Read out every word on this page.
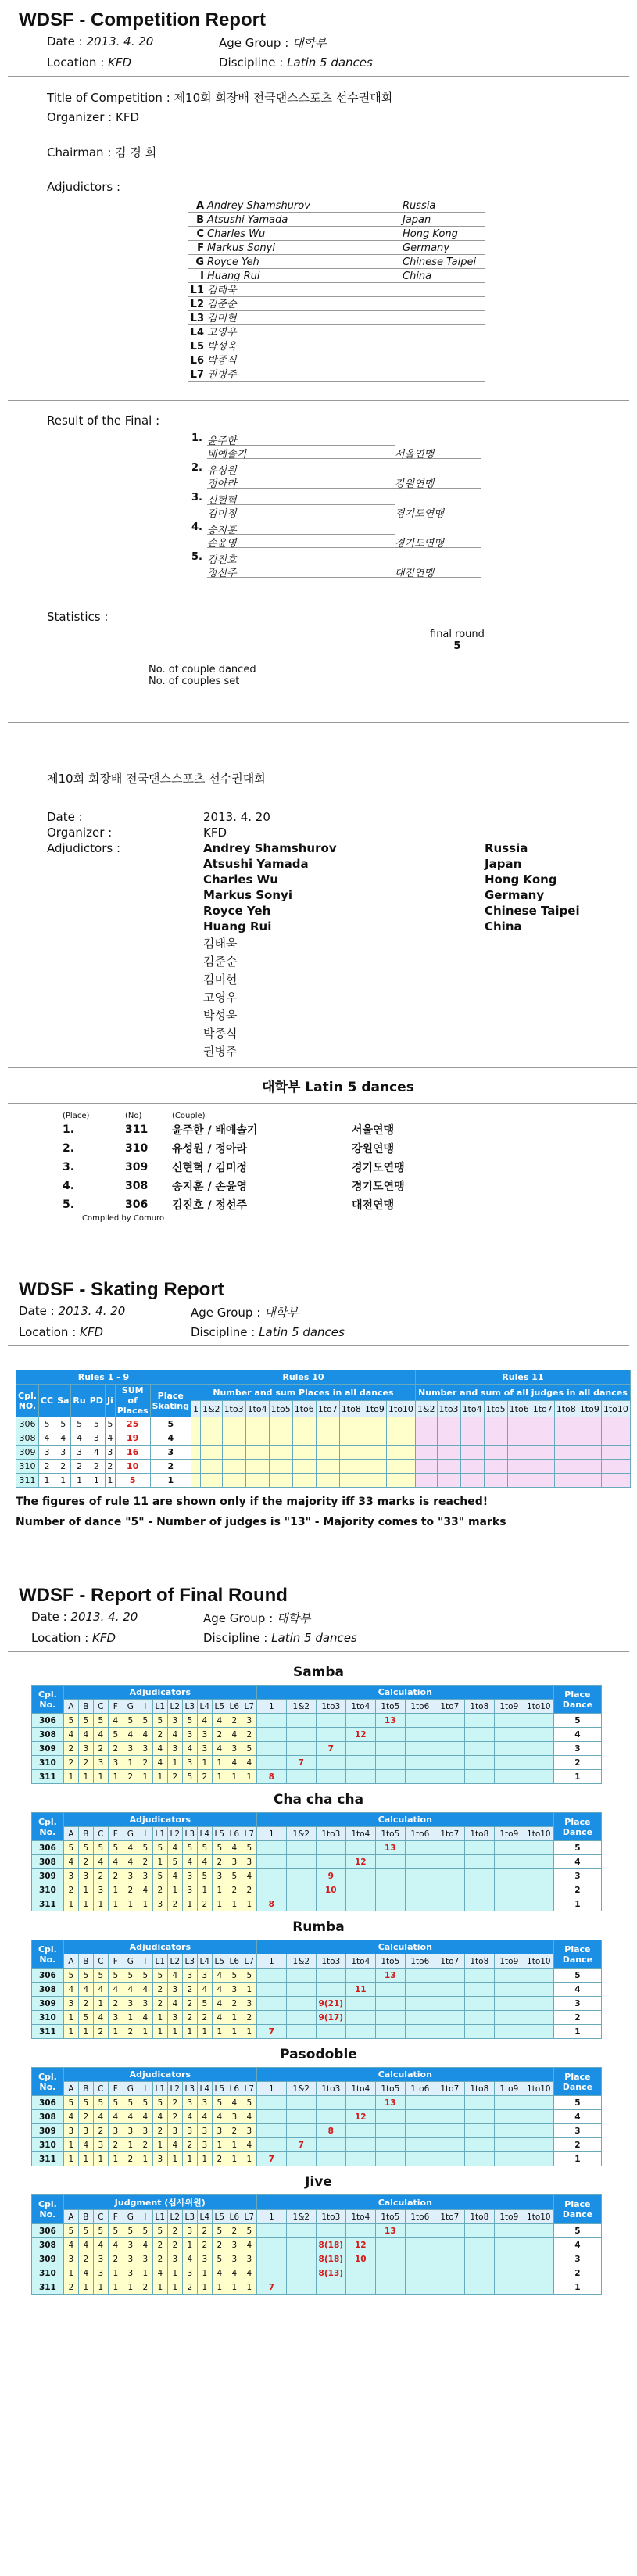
WDSF - Competition Report
Date : 2013. 4. 20	Age Group : 대학부
Location : KFD	Discipline : Latin 5 dances
Title of Competition : 제10회 회장배 전국댄스스포츠 선수권대회
Organizer : KFD
Chairman : 김 경 희
Adjudictors :
A Andrey Shamshurov	Russia
B Atsushi Yamada	Japan
C Charles Wu	Hong Kong
F Markus Sonyi	Germany
G Royce Yeh	Chinese Taipei
I Huang Rui	China
L1 김태욱
L2 김준순
L3 김미현
L4 고영우
L5 박성욱
L6 박종식
L7 권병주
Result of the Final :
1. 윤주한
배예솔기	서울연맹
2. 유성원
정아라	강원연맹
3. 신현혁
김미정	경기도연맹
4. 송지훈
손윤영	경기도연맹
5. 김진호
정선주	대전연맹
Statistics :
final round
5
No. of couple danced
No. of couples set
제10회 회장배 전국댄스스포츠 선수권대회
Date :	2013. 4. 20
Organizer :	KFD
Adjudictors :	Andrey Shamshurov	Russia
Atsushi Yamada	Japan
Charles Wu	Hong Kong
Markus Sonyi	Germany
Royce Yeh	Chinese Taipei
Huang Rui	China
김태욱
김준순
김미현
고영우
박성욱
박종식
권병주
대학부 Latin 5 dances
(Place)	(No)	(Couple)
1.	311	윤주한 / 배예솔기	서울연맹
2.	310	유성원 / 정아라	강원연맹
3.	309	신현혁 / 김미정	경기도연맹
4.	308	송지훈 / 손윤영	경기도연맹
5.	306	김진호 / 정선주	대전연맹
Compiled by Comuro
WDSF - Skating Report
Date : 2013. 4. 20	Age Group : 대학부
Location : KFD	Discipline : Latin 5 dances
Rules 1 - 9								Rules 10										Rules 11								
Cpl. NO.	CC	Sa	Ru	PD	Ji	SUM of Places	Place Skating	Number and sum Places in all dances										Number and sum of all judges in all dances								
								1	1&2	1to3	1to4	1to5	1to6	1to7	1to8	1to9	1to10	1&2	1to3	1to4	1to5	1to6	1to7	1to8	1to9	1to10
306	5	5	5	5	5	25	5																			
308	4	4	4	3	4	19	4																			
309	3	3	3	4	3	16	3																			
310	2	2	2	2	2	10	2																			
311	1	1	1	1	1	5	1																			
The figures of rule 11 are shown only if the majority iff 33 marks is reached!
Number of dance "5" - Number of judges is "13" - Majority comes to "33" marks
WDSF - Report of Final Round
Date : 2013. 4. 20	Age Group : 대학부
Location : KFD	Discipline : Latin 5 dances
Samba
Cpl. No.	Adjudicators													Calculation										Place Dance
	A	B	C	F	G	I	L1	L2	L3	L4	L5	L6	L7	1	1&2	1to3	1to4	1to5	1to6	1to7	1to8	1to9	1to10	
306	5	5	5	4	5	5	5	3	5	4	4	2	3					13						5
308	4	4	4	5	4	4	2	4	3	3	2	4	2				12							4
309	2	3	2	2	3	3	4	3	4	3	4	3	5			7								3
310	2	2	3	3	1	2	4	1	3	1	1	4	4		7									2
311	1	1	1	1	2	1	1	2	5	2	1	1	1	8										1
Cha cha cha
Cpl. No.	Adjudicators													Calculation										Place Dance
	A	B	C	F	G	I	L1	L2	L3	L4	L5	L6	L7	1	1&2	1to3	1to4	1to5	1to6	1to7	1to8	1to9	1to10	
306	5	5	5	5	4	5	5	4	5	5	5	4	5					13						5
308	4	2	4	4	4	2	1	5	4	4	2	3	3				12							4
309	3	3	2	2	3	3	5	4	3	5	3	5	4			9								3
310	2	1	3	1	2	4	2	1	3	1	1	2	2			10								2
311	1	1	1	1	1	1	3	2	1	2	1	1	1	8										1
Rumba
Cpl. No.	Adjudicators													Calculation										Place Dance
	A	B	C	F	G	I	L1	L2	L3	L4	L5	L6	L7	1	1&2	1to3	1to4	1to5	1to6	1to7	1to8	1to9	1to10	
306	5	5	5	5	5	5	5	4	3	3	4	5	5					13						5
308	4	4	4	4	4	4	2	3	2	4	4	3	1				11							4
309	3	2	1	2	3	3	2	4	2	5	4	2	3			9(21)								3
310	1	5	4	3	1	4	1	3	2	2	4	1	2			9(17)								2
311	1	1	2	1	2	1	1	1	1	1	1	1	1	7										1
Pasodoble
Cpl. No.	Adjudicators													Calculation										Place Dance
	A	B	C	F	G	I	L1	L2	L3	L4	L5	L6	L7	1	1&2	1to3	1to4	1to5	1to6	1to7	1to8	1to9	1to10	
306	5	5	5	5	5	5	5	2	3	3	5	4	5					13						5
308	4	2	4	4	4	4	4	2	4	4	4	3	4				12							4
309	3	3	2	3	3	3	2	3	3	3	3	2	3			8								3
310	1	4	3	2	1	2	1	4	2	3	1	1	4		7									2
311	1	1	1	1	2	1	3	1	1	1	2	1	1	7										1
Jive
Cpl. No.	Judgment (심사위원)													Calculation										Place Dance
	A	B	C	F	G	I	L1	L2	L3	L4	L5	L6	L7	1	1&2	1to3	1to4	1to5	1to6	1to7	1to8	1to9	1to10	
306	5	5	5	5	5	5	5	2	3	2	5	2	5					13						5
308	4	4	4	4	3	4	2	2	1	2	2	3	4			8(18)	12							4
309	3	2	3	2	3	3	2	3	4	3	5	3	3			8(18)	10							3
310	1	4	3	1	3	1	4	1	3	1	4	4	4			8(13)								2
311	2	1	1	1	1	2	1	1	2	1	1	1	1	7										1
